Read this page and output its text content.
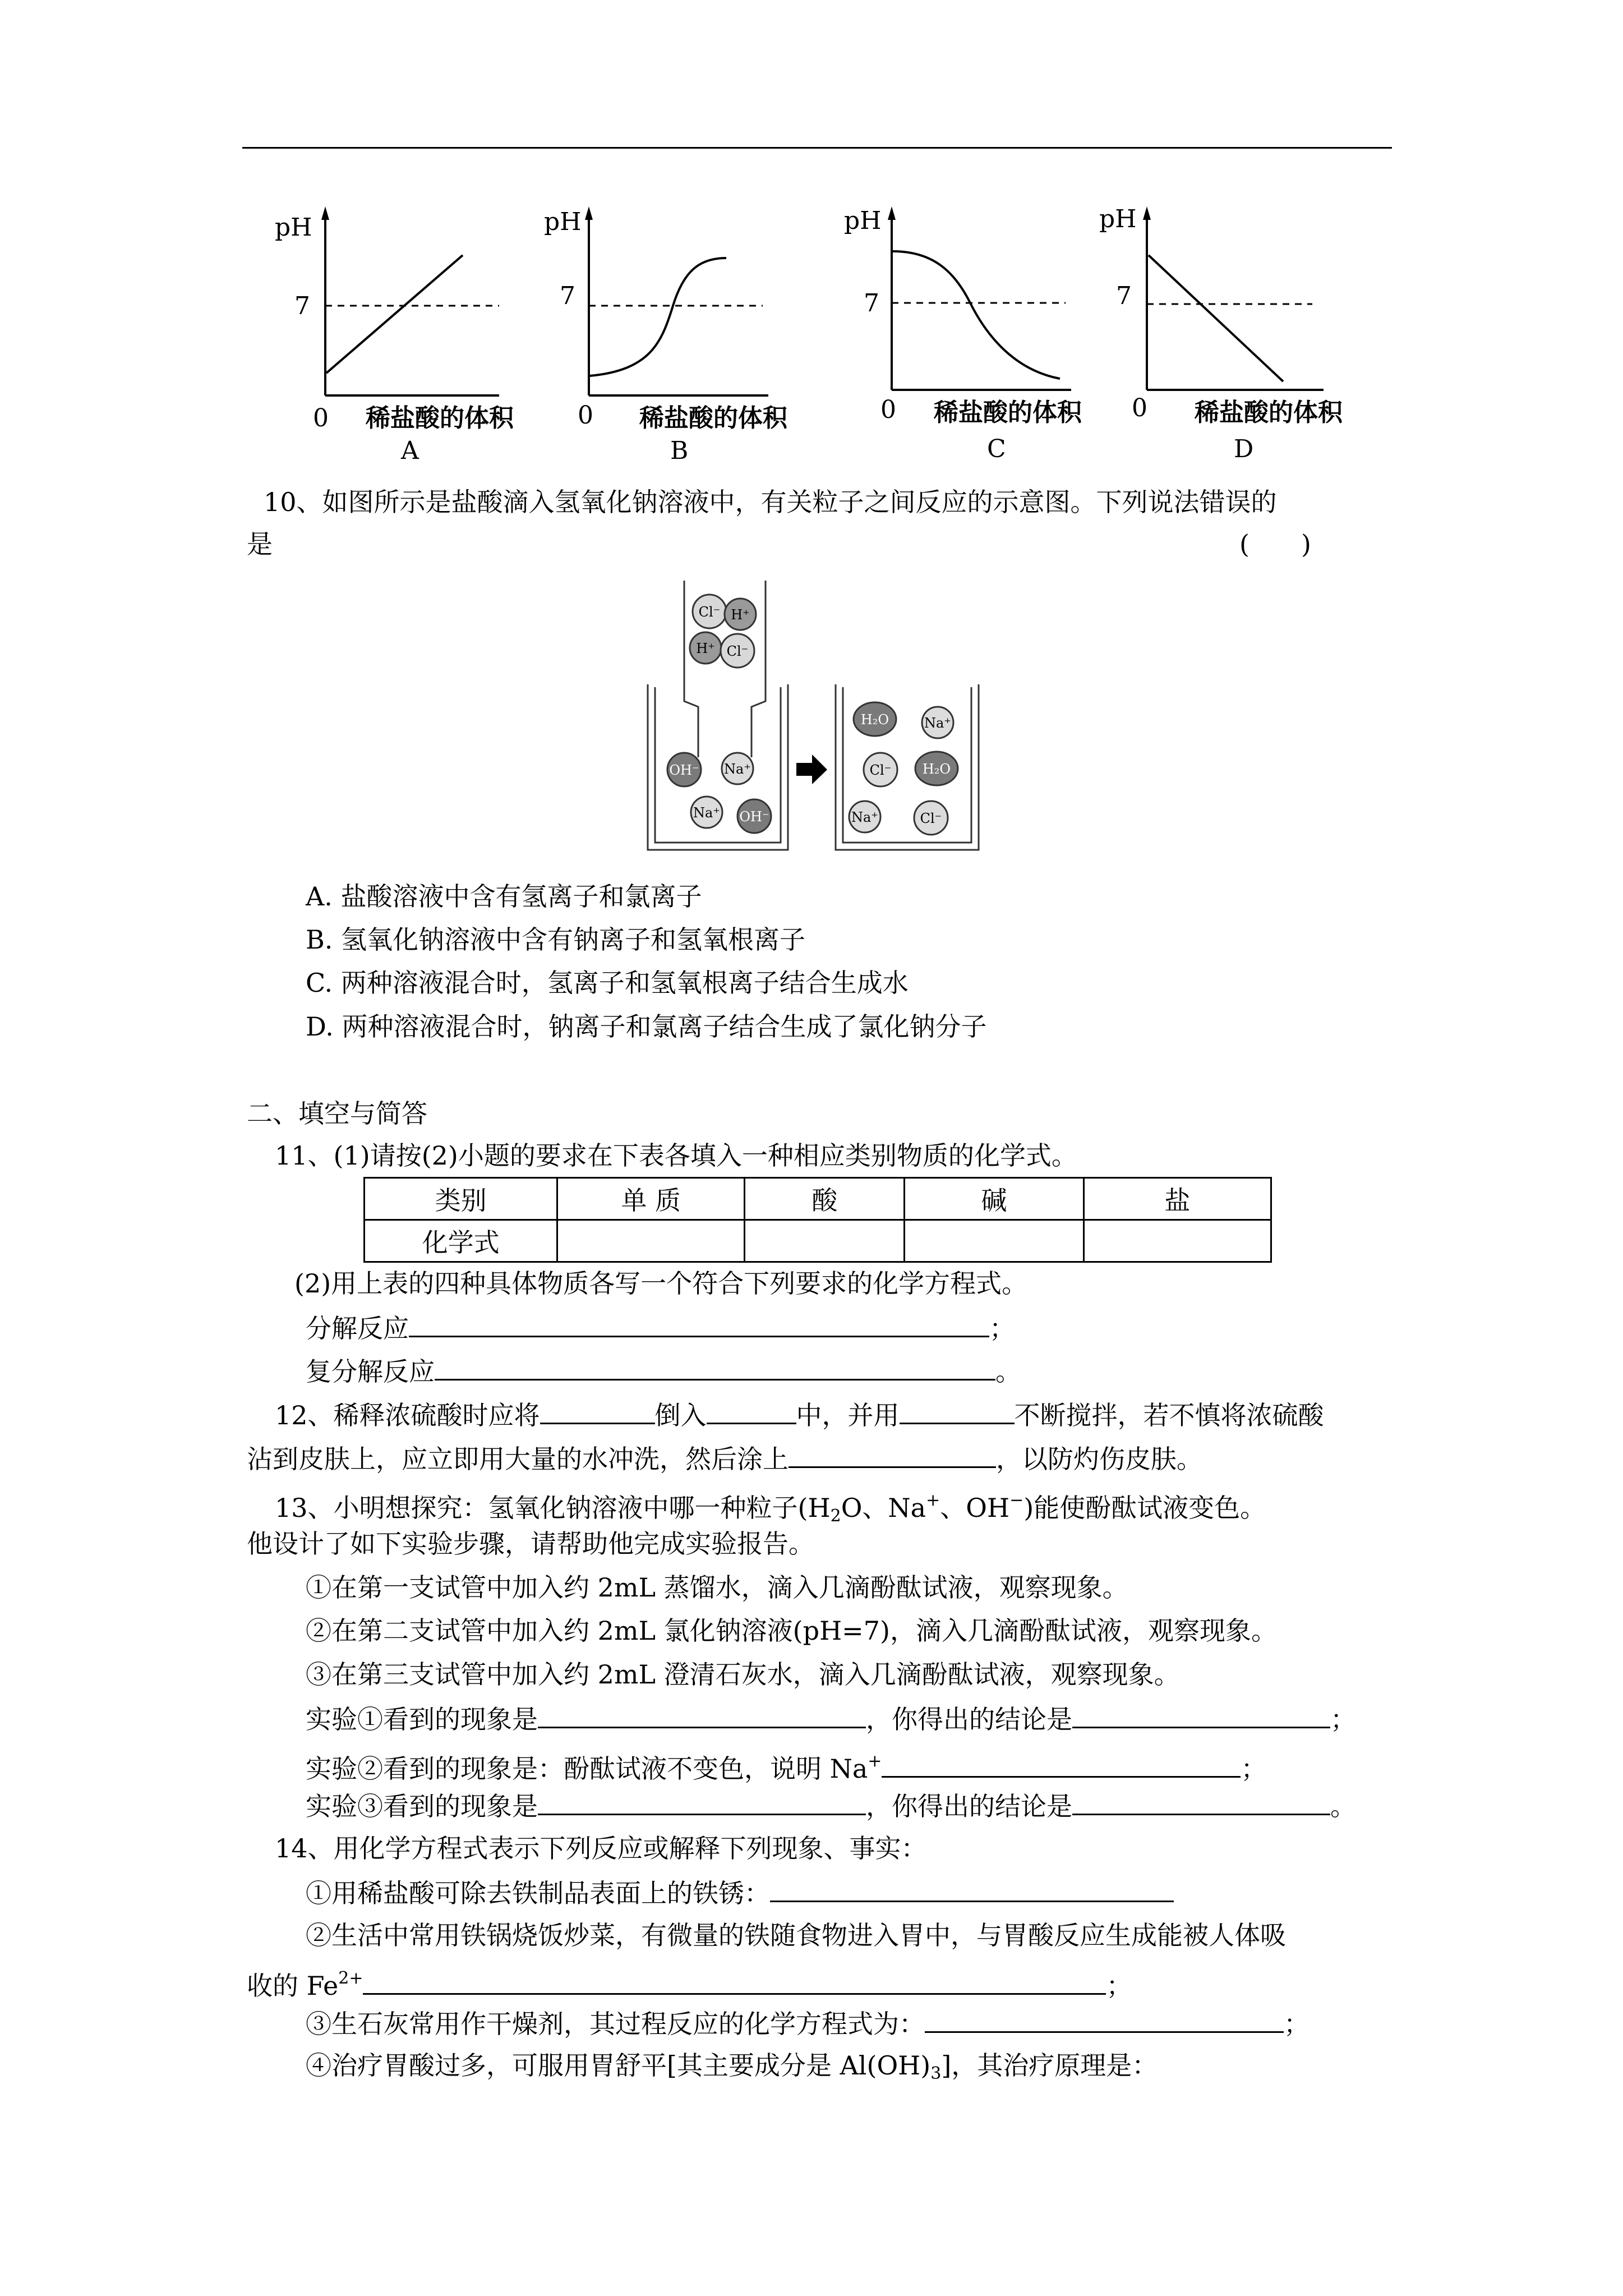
pH
7
0 稀盐酸的体积
A
pH
7
0 稀盐酸的体积
B
pH
7
0 稀盐酸的体积
C
pH
7
0 稀盐酸的体积
D
10、如图所示是盐酸滴入氢氧化钠溶液中，有关粒子之间反应的示意图。下列说法错误的
是	(　　)
Cl⁻ H⁺
H⁺ Cl⁻
OH⁻ Na⁺
Na⁺ OH⁻
H₂O	Na⁺
Cl⁻ H₂O
Na⁺	Cl⁻
A. 盐酸溶液中含有氢离子和氯离子
B. 氢氧化钠溶液中含有钠离子和氢氧根离子
C. 两种溶液混合时，氢离子和氢氧根离子结合生成水
D. 两种溶液混合时，钠离子和氯离子结合生成了氯化钠分子
二、填空与简答
11、(1)请按(2)小题的要求在下表各填入一种相应类别物质的化学式。
类别	单 质	酸	碱	盐
化学式				
(2)用上表的四种具体物质各写一个符合下列要求的化学方程式。
分解反应	；
复分解反应	。
12、稀释浓硫酸时应将	倒入	中，并用	不断搅拌，若不慎将浓硫酸
沾到皮肤上，应立即用大量的水冲洗，然后涂上	，以防灼伤皮肤。
13、小明想探究：氢氧化钠溶液中哪一种粒子($H_2O$、Na+、OH−)能使酚酞试液变色。
他设计了如下实验步骤，请帮助他完成实验报告。
①在第一支试管中加入约 2mL 蒸馏水，滴入几滴酚酞试液，观察现象。
②在第二支试管中加入约 2mL 氯化钠溶液(pH=7)，滴入几滴酚酞试液，观察现象。
③在第三支试管中加入约 2mL 澄清石灰水，滴入几滴酚酞试液，观察现象。
实验①看到的现象是	，你得出的结论是	；
实验②看到的现象是：酚酞试液不变色，说明 Na+	；
实验③看到的现象是	，你得出的结论是	。
14、用化学方程式表示下列反应或解释下列现象、事实：
①用稀盐酸可除去铁制品表面上的铁锈：
②生活中常用铁锅烧饭炒菜，有微量的铁随食物进入胃中，与胃酸反应生成能被人体吸
收的 $Fe^{2+}$	；
③生石灰常用作干燥剂，其过程反应的化学方程式为：	；
④治疗胃酸过多，可服用胃舒平[其主要成分是 $Al(OH)_3$]，其治疗原理是：
